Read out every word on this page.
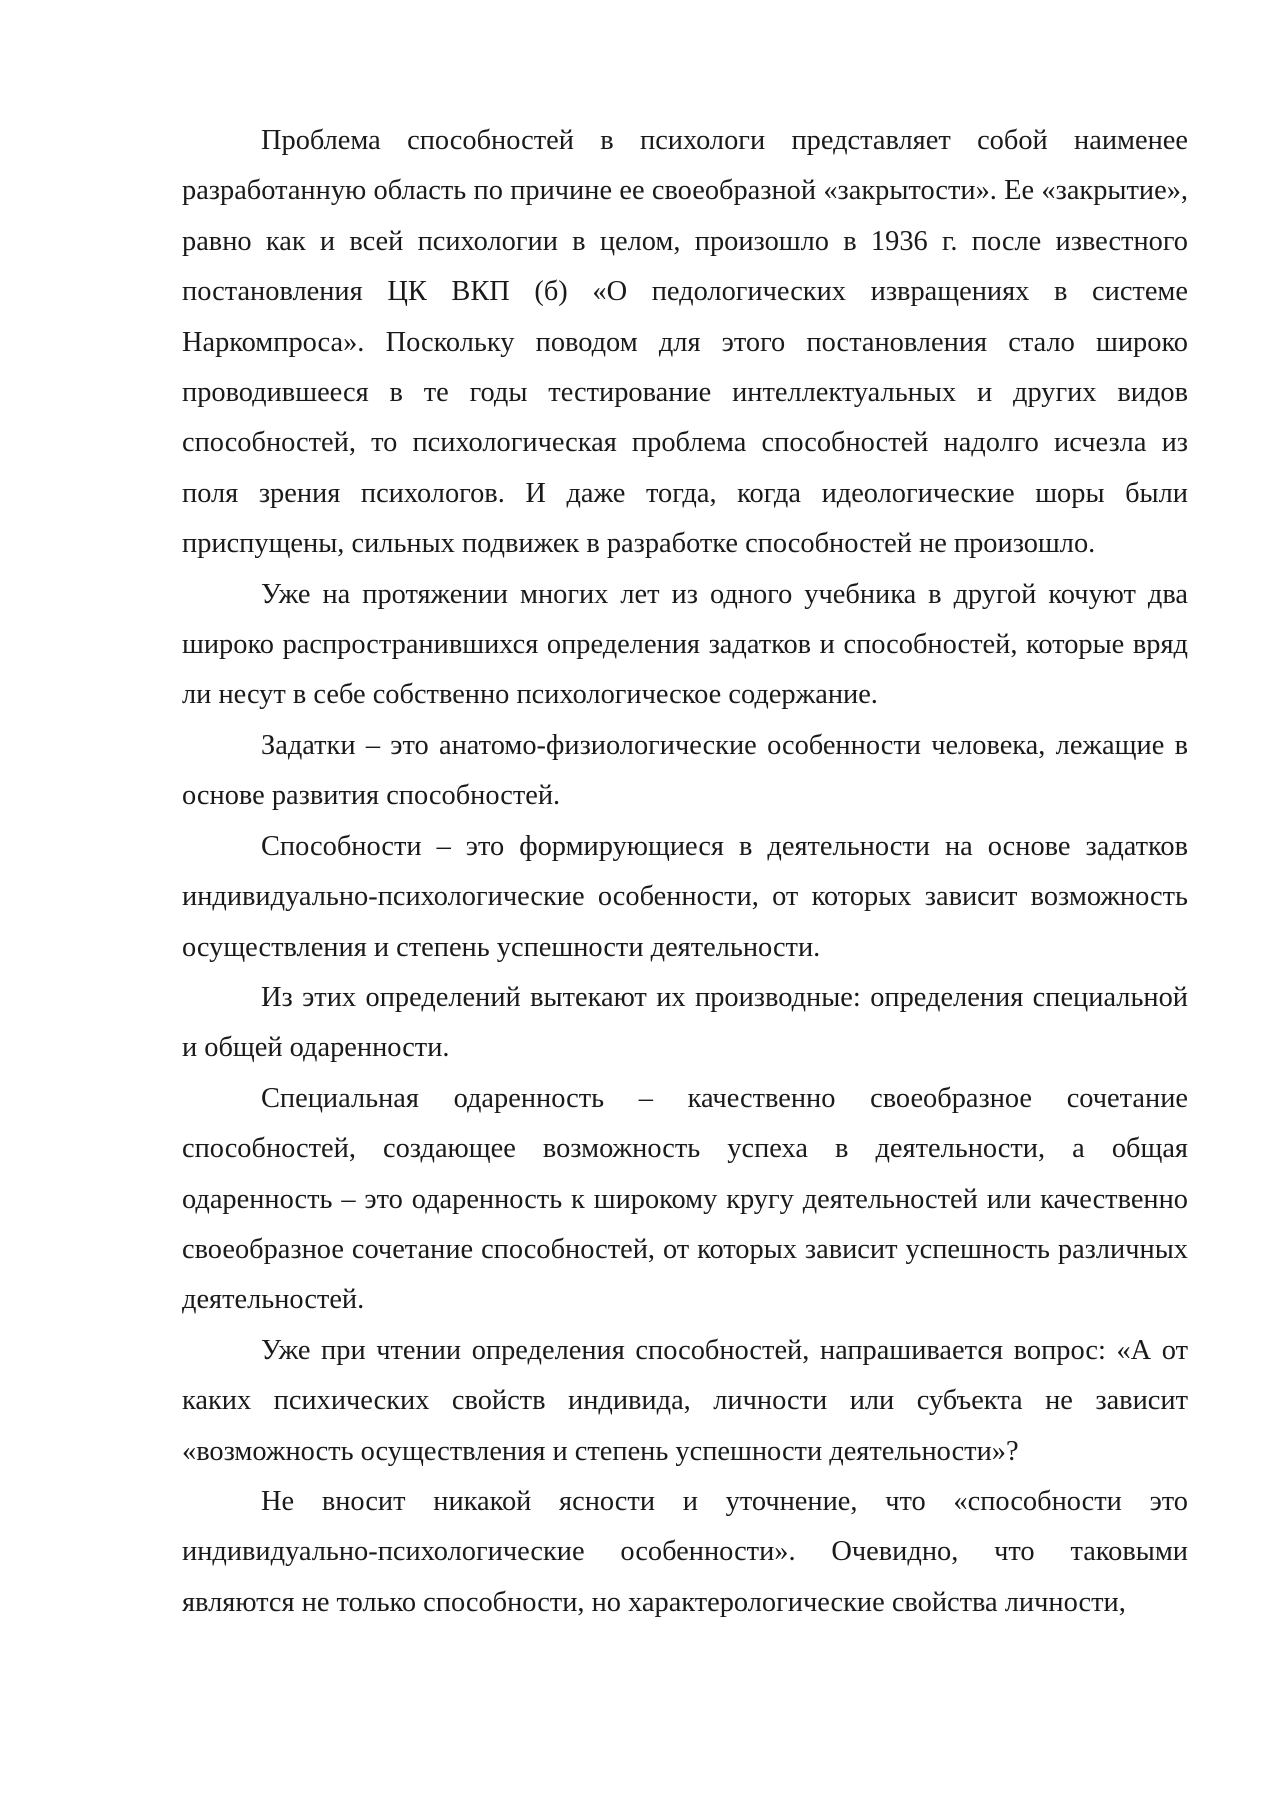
Проблема способностей в психологи представляет собой наименее разработанную область по причине ее своеобразной «закрытости». Ее «закрытие», равно как и всей психологии в целом, произошло в 1936 г. после известного постановления ЦК ВКП (б) «О педологических извращениях в системе Наркомпроса». Поскольку поводом для этого постановления стало широко проводившееся в те годы тестирование интеллектуальных и других видов способностей, то психологическая проблема способностей надолго исчезла из поля зрения психологов. И даже тогда, когда идеологические шоры были приспущены, сильных подвижек в разработке способностей не произошло.

Уже на протяжении многих лет из одного учебника в другой кочуют два широко распространившихся определения задатков и способностей, которые вряд ли несут в себе собственно психологическое содержание.

Задатки – это анатомо-физиологические особенности человека, лежащие в основе развития способностей.

Способности – это формирующиеся в деятельности на основе задатков индивидуально-психологические особенности, от которых зависит возможность осуществления и степень успешности деятельности.

Из этих определений вытекают их производные: определения специальной и общей одаренности.

Специальная одаренность – качественно своеобразное сочетание способностей, создающее возможность успеха в деятельности, а общая одаренность – это одаренность к широкому кругу деятельностей или качественно своеобразное сочетание способностей, от которых зависит успешность различных деятельностей.

Уже при чтении определения способностей, напрашивается вопрос: «А от каких психических свойств индивида, личности или субъекта не зависит «возможность осуществления и степень успешности деятельности»?

Не вносит никакой ясности и уточнение, что «способности это индивидуально-психологические особенности». Очевидно, что таковыми являются не только способности, но характерологические свойства личности,
